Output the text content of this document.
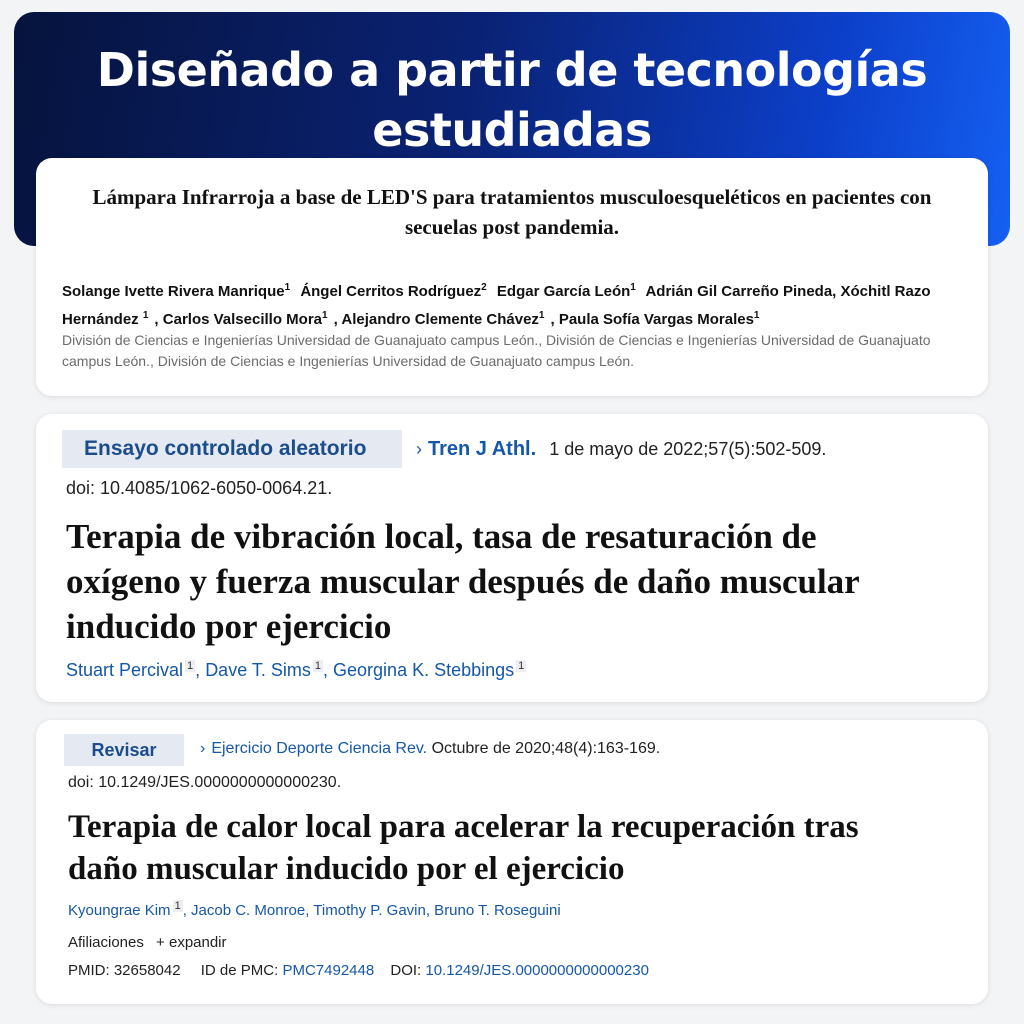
Diseñado a partir de tecnologías estudiadas

Lámpara Infrarroja a base de LED'S para tratamientos musculoesqueléticos en pacientes con secuelas post pandemia.

Solange Ivette Rivera Manrique$^1$ Ángel Cerritos Rodríguez$^2$ Edgar García León$^1$ Adrián Gil Carreño Pineda, Xóchitl Razo Hernández $^1$ , Carlos Valsecillo Mora$^1$ , Alejandro Clemente Chávez$^1$ , Paula Sofía Vargas Morales$^1$
División de Ciencias e Ingenierías Universidad de Guanajuato campus León., División de Ciencias e Ingenierías Universidad de Guanajuato campus León., División de Ciencias e Ingenierías Universidad de Guanajuato campus León.
Ensayo controlado aleatorio	› Tren J Athl. 1 de mayo de 2022;57(5):502-509.
doi: 10.4085/1062-6050-0064.21.
Terapia de vibración local, tasa de resaturación de oxígeno y fuerza muscular después de daño muscular inducido por ejercicio
Stuart Percival $^1$ , Dave T. Sims $^1$ , Georgina K. Stebbings $^1$
Revisar	› Ejercicio Deporte Ciencia Rev. Octubre de 2020;48(4):163-169.
doi: 10.1249/JES.0000000000000230.
Terapia de calor local para acelerar la recuperación tras daño muscular inducido por el ejercicio
Kyoungrae Kim $^1$ , Jacob C. Monroe, Timothy P. Gavin, Bruno T. Roseguini
Afiliaciones + expandir
PMID: 32658042 ID de PMC: PMC7492448 DOI: 10.1249/JES.0000000000000230
